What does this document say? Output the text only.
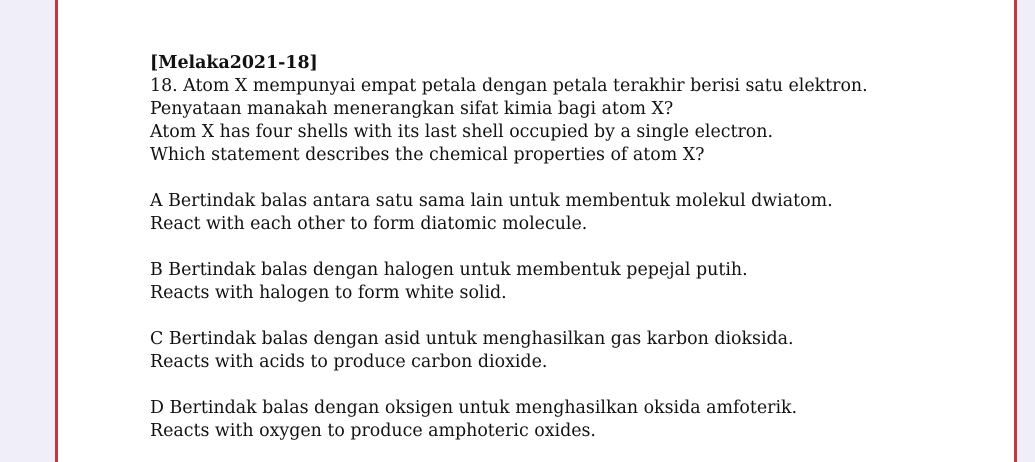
[Melaka2021-18]
18. Atom X mempunyai empat petala dengan petala terakhir berisi satu elektron.
Penyataan manakah menerangkan sifat kimia bagi atom X?
Atom X has four shells with its last shell occupied by a single electron.
Which statement describes the chemical properties of atom X?
A Bertindak balas antara satu sama lain untuk membentuk molekul dwiatom.
React with each other to form diatomic molecule.
B Bertindak balas dengan halogen untuk membentuk pepejal putih.
Reacts with halogen to form white solid.
C Bertindak balas dengan asid untuk menghasilkan gas karbon dioksida.
Reacts with acids to produce carbon dioxide.
D Bertindak balas dengan oksigen untuk menghasilkan oksida amfoterik.
Reacts with oxygen to produce amphoteric oxides.
